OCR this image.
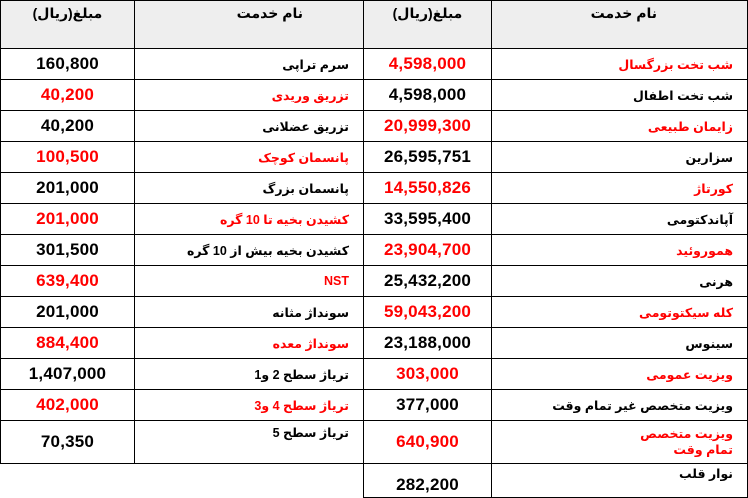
مبلغ(ریال)	نام خدمت
160,800	سرم تراپی
40,200	تزریق وریدی
40,200	تزریق عضلانی
100,500	پانسمان کوچک
201,000	پانسمان بزرگ
201,000	کشیدن بخیه تا 10 گره
301,500	کشیدن بخیه بیش از 10 گره
639,400	NST
201,000	سونداژ مثانه
884,400	سونداژ معده
1,407,000	تریاژ سطح 2 و1
402,000	تریاژ سطح 4 و3
70,350	تریاژ سطح 5
مبلغ(ریال)	نام خدمت
4,598,000	شب تخت بزرگسال
4,598,000	شب تخت اطفال
20,999,300	زایمان طبیعی
26,595,751	سزارین
14,550,826	کورتاژ
33,595,400	آپاندکتومی
23,904,700	هموروئید
25,432,200	هرنی
59,043,200	کله سیکتوتومی
23,188,000	سینوس
303,000	ویزیت عمومی
377,000	ویزیت متخصص غیر تمام وقت
640,900	ویزیت متخصص تمام وقت

282,200	نوار قلب
